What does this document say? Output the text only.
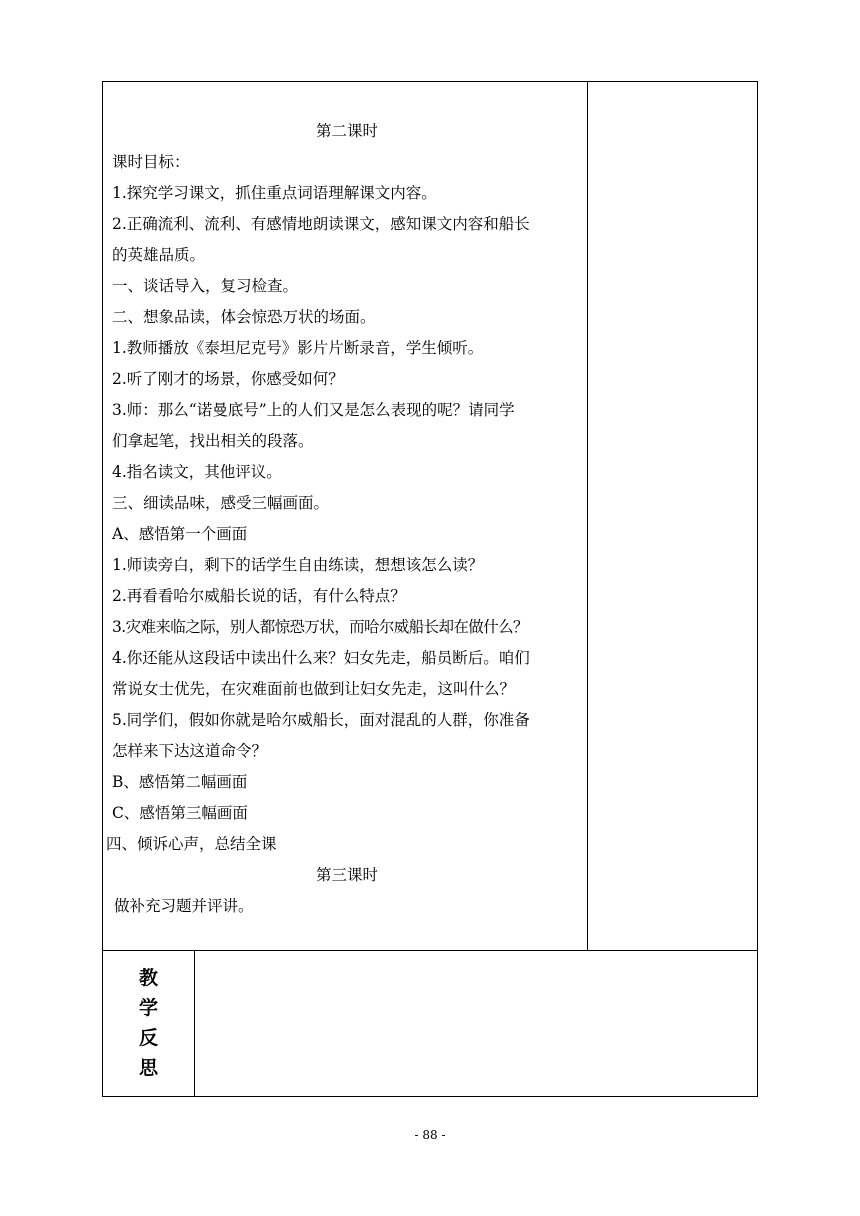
第二课时
课时目标：
1.探究学习课文，抓住重点词语理解课文内容。
2.正确流利、流利、有感情地朗读课文，感知课文内容和船长
的英雄品质。
一、谈话导入，复习检查。
二、想象品读，体会惊恐万状的场面。
1.教师播放《泰坦尼克号》影片片断录音，学生倾听。
2.听了刚才的场景，你感受如何？
3.师：那么“诺曼底号”上的人们又是怎么表现的呢？请同学
们拿起笔，找出相关的段落。
4.指名读文，其他评议。
三、细读品味，感受三幅画面。
A、感悟第一个画面
1.师读旁白，剩下的话学生自由练读，想想该怎么读？
2.再看看哈尔威船长说的话，有什么特点？
3.灾难来临之际，别人都惊恐万状，而哈尔威船长却在做什么？
4.你还能从这段话中读出什么来？妇女先走，船员断后。咱们
常说女士优先，在灾难面前也做到让妇女先走，这叫什么？
5.同学们，假如你就是哈尔威船长，面对混乱的人群，你准备
怎样来下达这道命令？
B、感悟第二幅画面
C、感悟第三幅画面
四、倾诉心声，总结全课
第三课时
做补充习题并评讲。
教
学
反
思
- 88 -
